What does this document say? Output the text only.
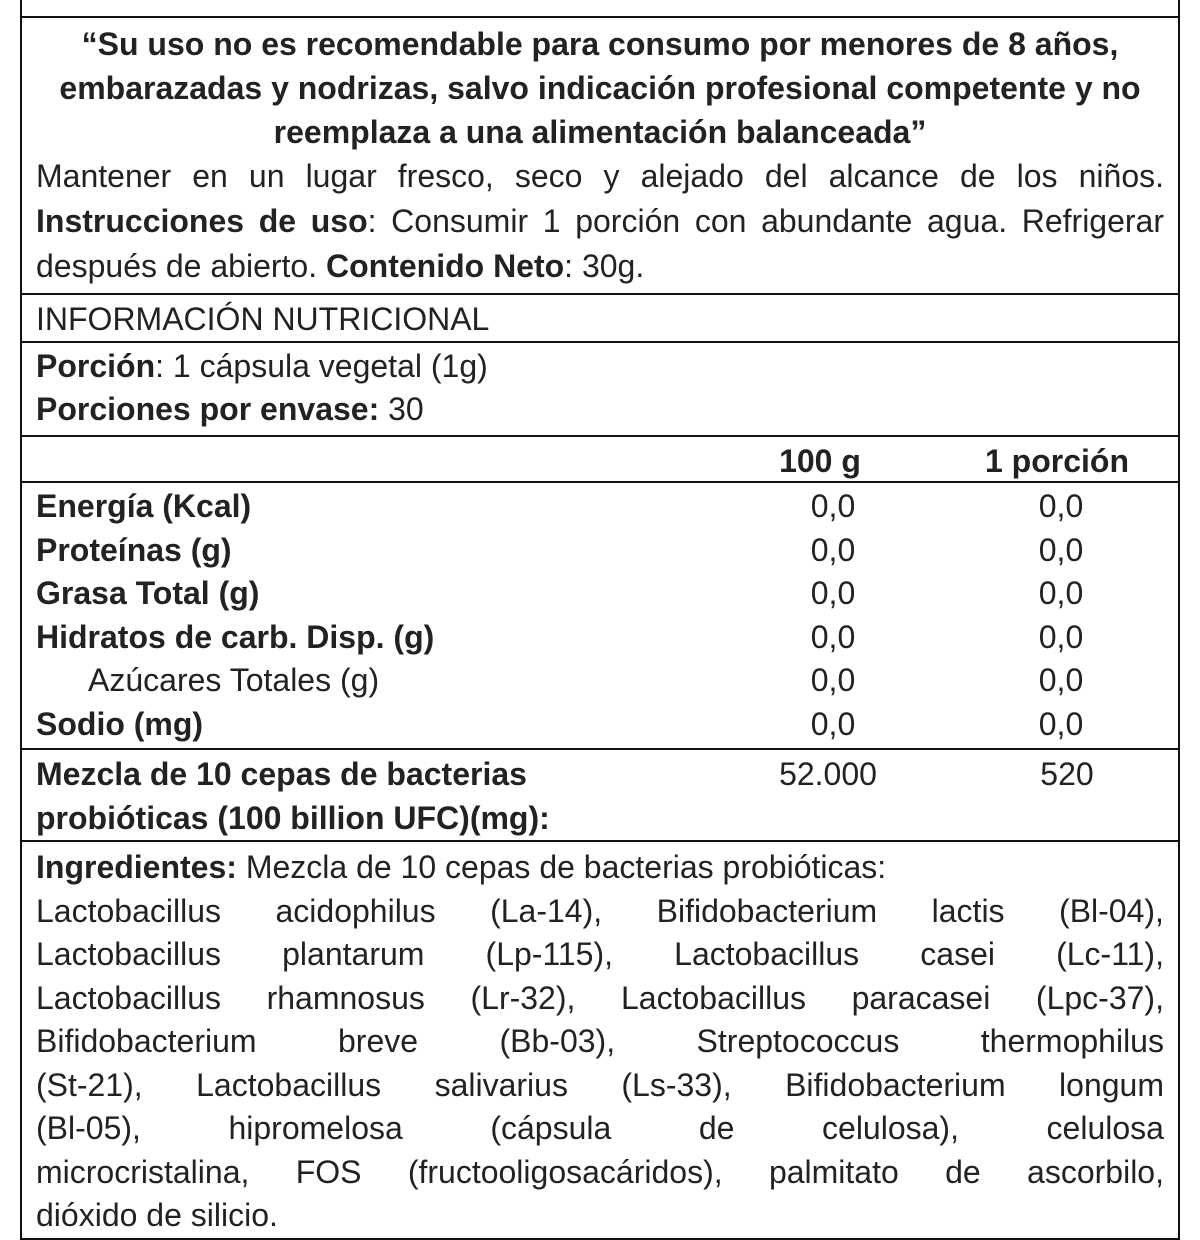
“Su uso no es recomendable para consumo por menores de 8 años, embarazadas y nodrizas, salvo indicación profesional competente y no reemplaza a una alimentación balanceada”

Mantener en un lugar fresco, seco y alejado del alcance de los niños. Instrucciones de uso: Consumir 1 porción con abundante agua. Refrigerar después de abierto. Contenido Neto: 30g.

INFORMACIÓN NUTRICIONAL

Porción: 1 cápsula vegetal (1g)

Porciones por envase: 30

100 g	1 porción
Energía (Kcal)	0,0	0,0
Proteínas (g)	0,0	0,0
Grasa Total (g)	0,0	0,0
Hidratos de carb. Disp. (g)	0,0	0,0
Azúcares Totales (g)	0,0	0,0
Sodio (mg)	0,0	0,0
Mezcla de 10 cepas de bacterias
probióticas (100 billion UFC)(mg):
52.000	520

Ingredientes: Mezcla de 10 cepas de bacterias probióticas:

Lactobacillus acidophilus (La-14), Bifidobacterium lactis (Bl-04),

Lactobacillus plantarum (Lp-115), Lactobacillus casei (Lc-11),

Lactobacillus rhamnosus (Lr-32), Lactobacillus paracasei (Lpc-37),

Bifidobacterium	breve	(Bb-03),	Streptococcus	thermophilus

(St-21), Lactobacillus salivarius (Ls-33), Bifidobacterium longum

(Bl-05),	hipromelosa	(cápsula	de	celulosa),	celulosa

microcristalina, FOS (fructooligosacáridos), palmitato de ascorbilo,

dióxido de silicio.
